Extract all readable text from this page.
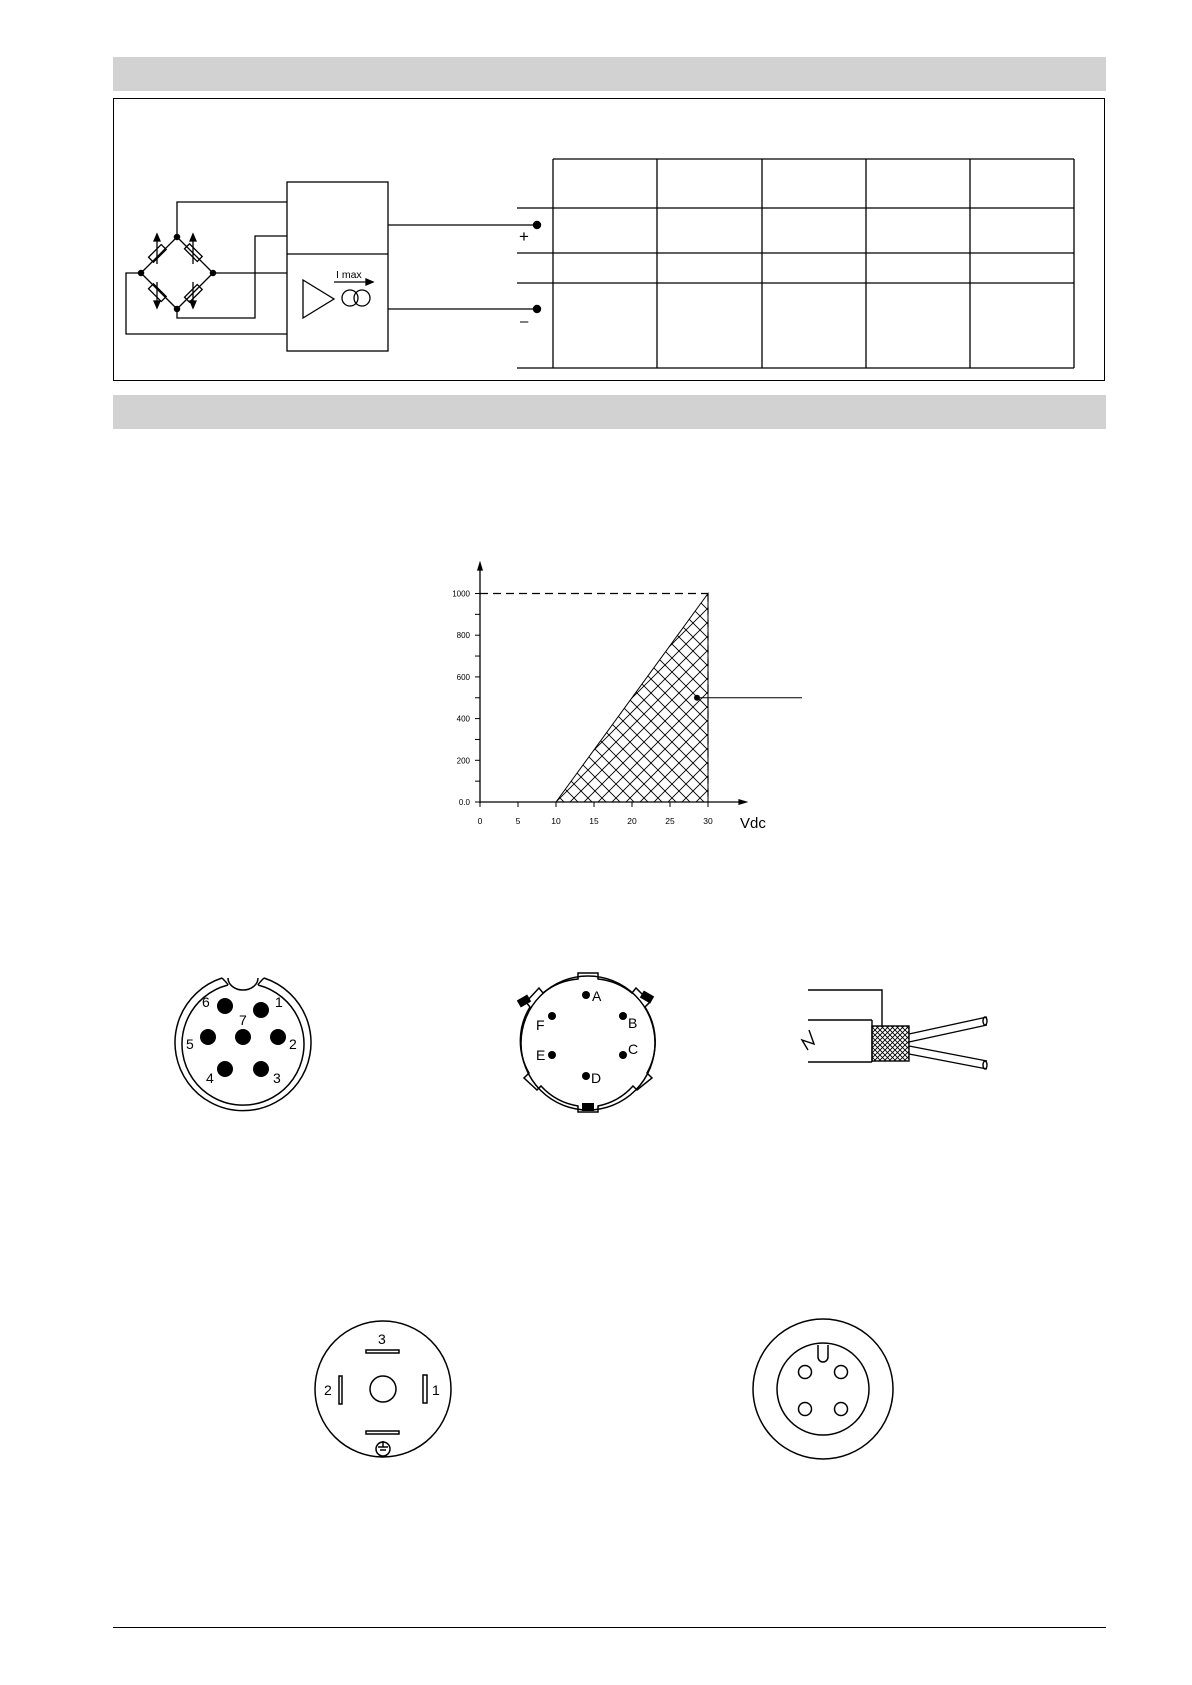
I max
+
–
0.0
200
400
600
800
1000
0	5	10	15	20	25	30 Vdc
1
2
3
4
5
6
7
A
B
C
D
E
F
3
2	1
